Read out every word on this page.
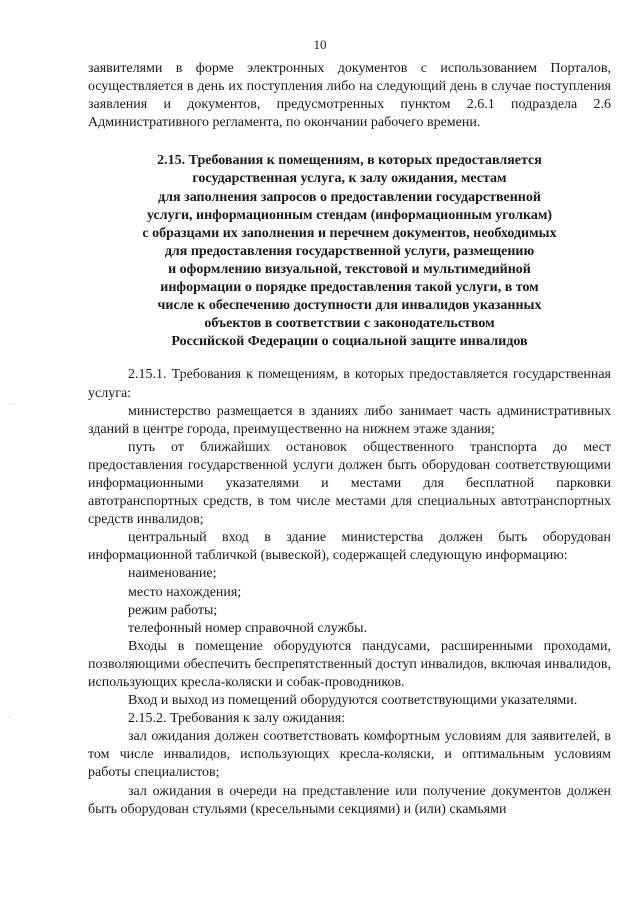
10
· ·
·

заявителями в форме электронных документов с использованием Порталов, осуществляется в день их поступления либо на следующий день в случае поступления заявления и документов, предусмотренных пунктом 2.6.1 подраздела 2.6 Административного регламента, по окончании рабочего времени.

2.15. Требования к помещениям, в которых предоставляется
государственная услуга, к залу ожидания, местам
для заполнения запросов о предоставлении государственной
услуги, информационным стендам (информационным уголкам)
с образцами их заполнения и перечнем документов, необходимых
для предоставления государственной услуги, размещению
и оформлению визуальной, текстовой и мультимедийной
информации о порядке предоставления такой услуги, в том
числе к обеспечению доступности для инвалидов указанных
объектов в соответствии с законодательством
Российской Федерации о социальной защите инвалидов

2.15.1. Требования к помещениям, в которых предоставляется государственная услуга:

министерство размещается в зданиях либо занимает часть административных зданий в центре города, преимущественно на нижнем этаже здания;

путь от ближайших остановок общественного транспорта до мест предоставления государственной услуги должен быть оборудован соответствующими информационными указателями и местами для бесплатной парковки автотранспортных средств, в том числе местами для специальных автотранспортных средств инвалидов;

центральный вход в здание министерства должен быть оборудован информационной табличкой (вывеской), содержащей следующую информацию:

наименование;

место нахождения;

режим работы;

телефонный номер справочной службы.

Входы в помещение оборудуются пандусами, расширенными проходами, позволяющими обеспечить беспрепятственный доступ инвалидов, включая инвалидов, использующих кресла-коляски и собак-проводников.

Вход и выход из помещений оборудуются соответствующими указателями.

2.15.2. Требования к залу ожидания:

зал ожидания должен соответствовать комфортным условиям для заявителей, в том числе инвалидов, использующих кресла-коляски, и оптимальным условиям работы специалистов;

зал ожидания в очереди на представление или получение документов должен быть оборудован стульями (кресельными секциями) и (или) скамьями
